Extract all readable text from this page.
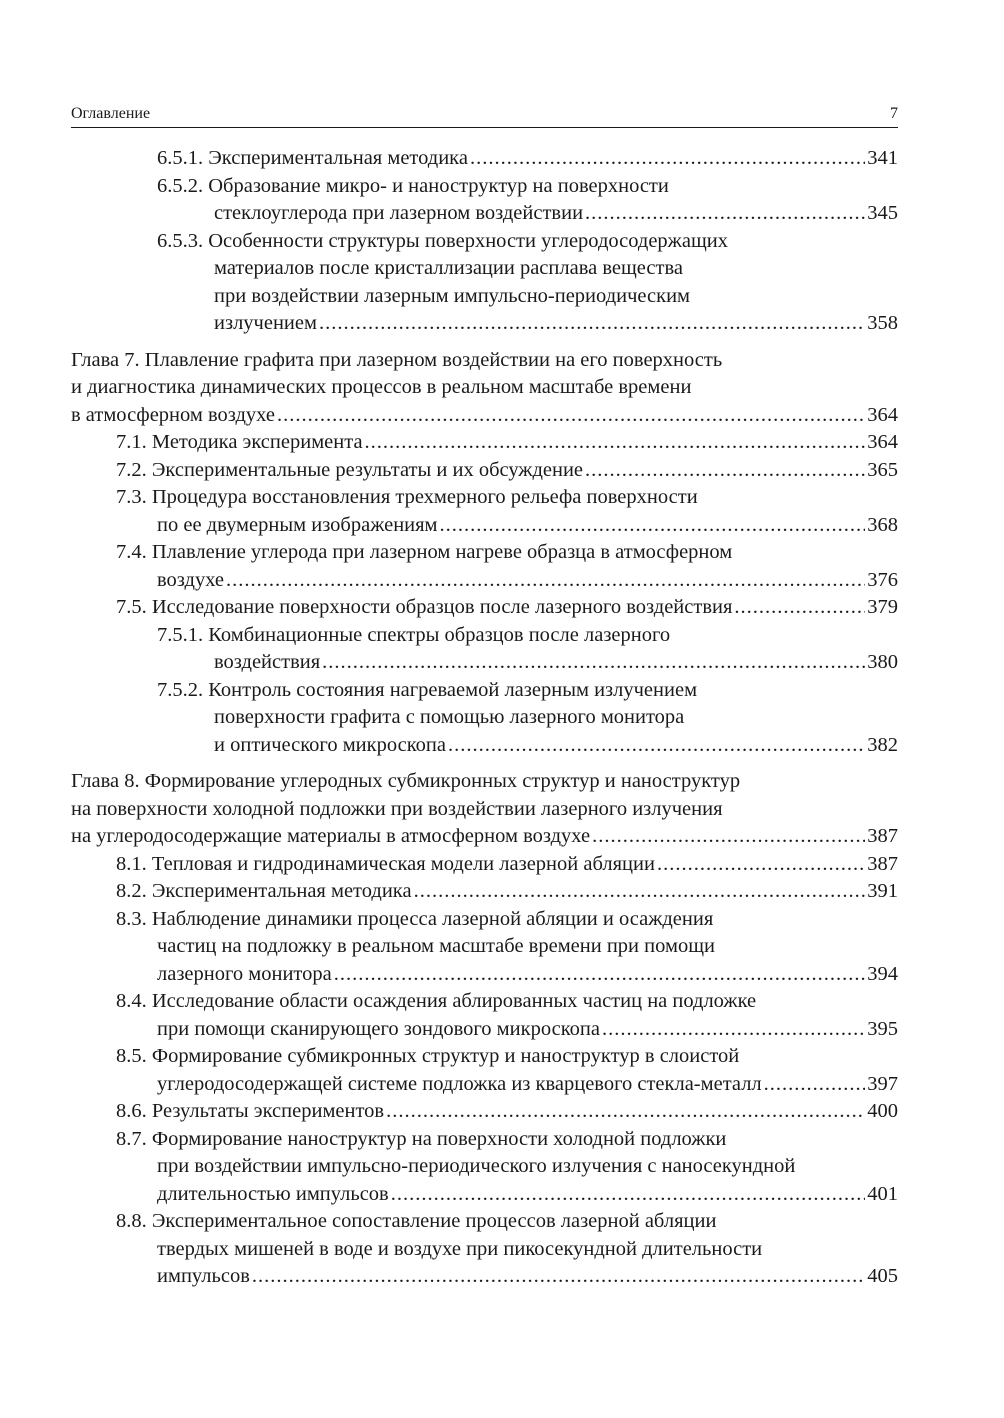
Оглавление	7
6.5.1. Экспериментальная методика .....	341
6.5.2. Образование микро- и наноструктур на поверхности
стеклоуглерода при лазерном воздействии .....	345
6.5.3. Особенности структуры поверхности углеродосодержащих
материалов после кристаллизации расплава вещества
при воздействии лазерным импульсно-периодическим
излучением .....	358
Глава 7. Плавление графита при лазерном воздействии на его поверхность
и диагностика динамических процессов в реальном масштабе времени
в атмосферном воздухе .....	364
7.1. Методика эксперимента .....	364
7.2. Экспериментальные результаты и их обсуждение .....	365
7.3. Процедура восстановления трехмерного рельефа поверхности
по ее двумерным изображениям .....	368
7.4. Плавление углерода при лазерном нагреве образца в атмосферном
воздухе .....	376
7.5. Исследование поверхности образцов после лазерного воздействия .....	379
7.5.1. Комбинационные спектры образцов после лазерного
воздействия .....	380
7.5.2. Контроль состояния нагреваемой лазерным излучением
поверхности графита с помощью лазерного монитора
и оптического микроскопа .....	382
Глава 8. Формирование углеродных субмикронных структур и наноструктур
на поверхности холодной подложки при воздействии лазерного излучения
на углеродосодержащие материалы в атмосферном воздухе .....	387
8.1. Тепловая и гидродинамическая модели лазерной абляции .....	387
8.2. Экспериментальная методика .....	391
8.3. Наблюдение динамики процесса лазерной абляции и осаждения
частиц на подложку в реальном масштабе времени при помощи
лазерного монитора .....	394
8.4. Исследование области осаждения аблированных частиц на подложке
при помощи сканирующего зондового микроскопа .....	395
8.5. Формирование субмикронных структур и наноструктур в слоистой
углеродосодержащей системе подложка из кварцевого стекла-металл .....	397
8.6. Результаты экспериментов .....	400
8.7. Формирование наноструктур на поверхности холодной подложки
при воздействии импульсно-периодического излучения с наносекундной
длительностью импульсов .....	401
8.8. Экспериментальное сопоставление процессов лазерной абляции
твердых мишеней в воде и воздухе при пикосекундной длительности
импульсов .....	405
